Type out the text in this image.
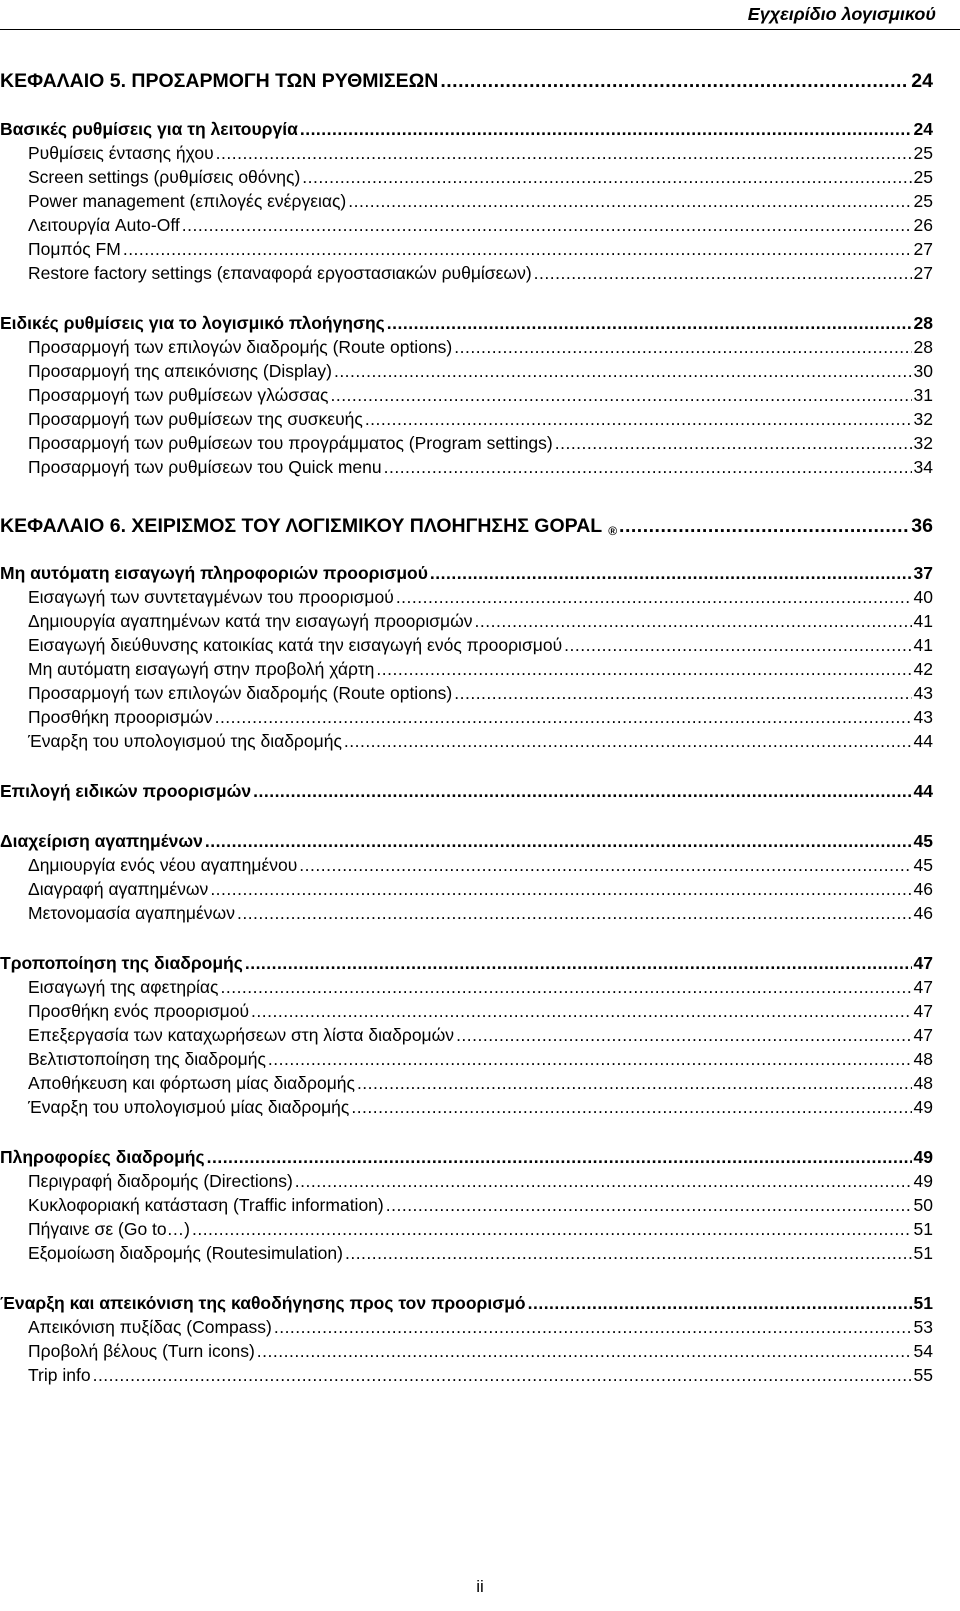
Εγχειρίδιο λογισμικού
ΚΕΦΑΛΑΙΟ 5. ΠΡΟΣΑΡΜΟΓΗ ΤΩΝ ΡΥΘΜΙΣΕΩΝ .....	24
Βασικές ρυθμίσεις για τη λειτουργία .....	24
Ρυθμίσεις έντασης ήχου .....	25
Screen settings (ρυθμίσεις οθόνης) .....	25
Power management (επιλογές ενέργειας) .....	25
Λειτουργία Auto-Off .....	26
Πομπός FM .....	27
Restore factory settings (επαναφορά εργοστασιακών ρυθμίσεων) .....	27
Ειδικές ρυθμίσεις για το λογισμικό πλοήγησης .....	28
Προσαρμογή των επιλογών διαδρομής (Route options) .....	28
Προσαρμογή της απεικόνισης (Display) .....	30
Προσαρμογή των ρυθμίσεων γλώσσας .....	31
Προσαρμογή των ρυθμίσεων της συσκευής .....	32
Προσαρμογή των ρυθμίσεων του προγράμματος (Program settings) .....	32
Προσαρμογή των ρυθμίσεων του Quick menu .....	34
ΚΕΦΑΛΑΙΟ 6. ΧΕΙΡΙΣΜΟΣ ΤΟΥ ΛΟΓΙΣΜΙΚΟΥ ΠΛΟΗΓΗΣΗΣ GOPAL ® .....	36
Μη αυτόματη εισαγωγή πληροφοριών προορισμού .....	37
Εισαγωγή των συντεταγμένων του προορισμού .....	40
Δημιουργία αγαπημένων κατά την εισαγωγή προορισμών .....	41
Εισαγωγή διεύθυνσης κατοικίας κατά την εισαγωγή ενός προορισμού .....	41
Μη αυτόματη εισαγωγή στην προβολή χάρτη .....	42
Προσαρμογή των επιλογών διαδρομής (Route options) .....	43
Προσθήκη προορισμών .....	43
Έναρξη του υπολογισμού της διαδρομής .....	44
Επιλογή ειδικών προορισμών .....	44
Διαχείριση αγαπημένων .....	45
Δημιουργία ενός νέου αγαπημένου .....	45
Διαγραφή αγαπημένων .....	46
Μετονομασία αγαπημένων .....	46
Τροποποίηση της διαδρομής .....	47
Εισαγωγή της αφετηρίας .....	47
Προσθήκη ενός προορισμού .....	47
Επεξεργασία των καταχωρήσεων στη λίστα διαδρομών .....	47
Βελτιστοποίηση της διαδρομής .....	48
Αποθήκευση και φόρτωση μίας διαδρομής .....	48
Έναρξη του υπολογισμού μίας διαδρομής .....	49
Πληροφορίες διαδρομής .....	49
Περιγραφή διαδρομής (Directions) .....	49
Κυκλοφοριακή κατάσταση (Traffic information) .....	50
Πήγαινε σε (Go to…) .....	51
Εξομοίωση διαδρομής (Routesimulation) .....	51
Έναρξη και απεικόνιση της καθοδήγησης προς τον προορισμό .....	51
Απεικόνιση πυξίδας (Compass) .....	53
Προβολή βέλους (Turn icons) .....	54
Trip info .....	55
ii
